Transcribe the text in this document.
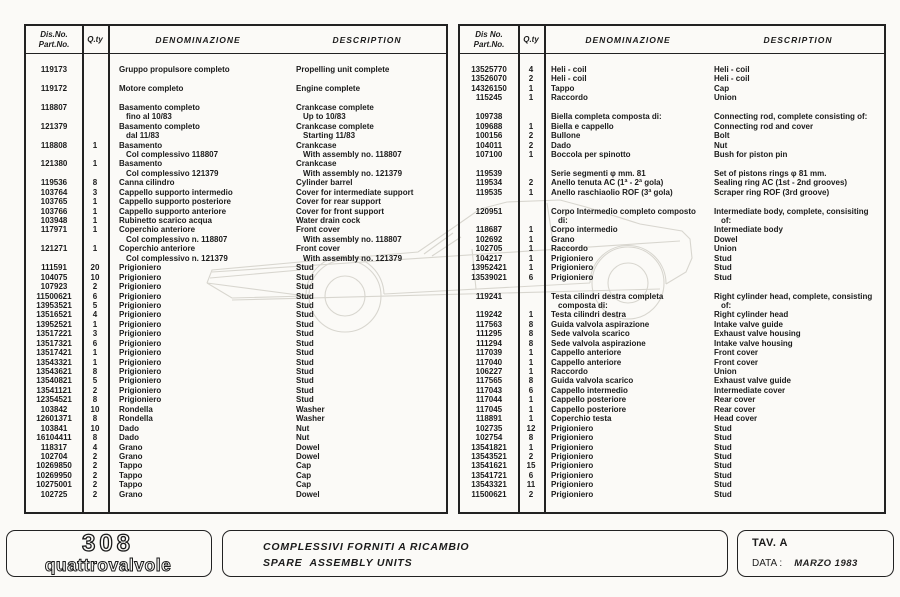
Dis.No.
Part.No.	Q.ty	DENOMINAZIONE	DESCRIPTION
119173	Gruppo propulsore completo	Propelling unit complete
119172	Motore completo	Engine complete
118807	Basamento completo	Crankcase complete
fino al 10/83	Up to 10/83
121379	Basamento completo	Crankcase complete
dal 11/83	Starting 11/83
118808	1	Basamento	Crankcase
Col complessivo 118807	With assembly no. 118807
121380	1	Basamento	Crankcase
Col complessivo 121379	With assembly no. 121379
119536	8	Canna cilindro	Cylinder barrel
103764	3	Cappello supporto intermedio	Cover for intermediate support
103765	1	Cappello supporto posteriore	Cover for rear support
103766	1	Cappello supporto anteriore	Cover for front support
103948	1	Rubinetto scarico acqua	Water drain cock
117971	1	Coperchio anteriore	Front cover
Col complessivo n. 118807	With assembly no. 118807
121271	1	Coperchio anteriore	Front cover
Col complessivo n. 121379	With assembly no. 121379
111591	20	Prigioniero	Stud
104075	10	Prigioniero	Stud
107923	2	Prigioniero	Stud
11500621	6	Prigioniero	Stud
13953521	5	Prigioniero	Stud
13516521	4	Prigioniero	Stud
13952521	1	Prigioniero	Stud
13517221	3	Prigioniero	Stud
13517321	6	Prigioniero	Stud
13517421	1	Prigioniero	Stud
13543321	1	Prigioniero	Stud
13543621	8	Prigioniero	Stud
13540821	5	Prigioniero	Stud
13541121	2	Prigioniero	Stud
12354521	8	Prigioniero	Stud
103842	10	Rondella	Washer
12601371	8	Rondella	Washer
103841	10	Dado	Nut
16104411	8	Dado	Nut
118317	4	Grano	Dowel
102704	2	Grano	Dowel
10269850	2	Tappo	Cap
10269950	2	Tappo	Cap
10275001	2	Tappo	Cap
102725	2	Grano	Dowel
Dis No.
Part.No.	Q.ty	DENOMINAZIONE	DESCRIPTION
13525770	4	Heli - coil	Heli - coil
13526070	2	Heli - coil	Heli - coil
14326150	1	Tappo	Cap
115245	1	Raccordo	Union
109738	Biella completa composta di:	Connecting rod, complete consisting of:
109688	1	Biella e cappello	Connecting rod and cover
100156	2	Bullone	Bolt
104011	2	Dado	Nut
107100	1	Boccola per spinotto	Bush for piston pin
119539	Serie segmenti φ mm. 81	Set of pistons rings φ 81 mm.
119534	2	Anello tenuta AC (1ª - 2ª gola)	Sealing ring AC (1st - 2nd grooves)
119535	1	Anello raschiaolio ROF (3ª gola)	Scraper ring ROF (3rd groove)
120951	Corpo Intermedio completo composto	Intermediate body, complete, consisiting
di:	of:
118687	1	Corpo intermedio	Intermediate body
102692	1	Grano	Dowel
102705	1	Raccordo	Union
104217	1	Prigioniero	Stud
13952421	1	Prigioniero	Stud
13539021	6	Prigioniero	Stud
119241	Testa cilindri destra completa	Right cylinder head, complete, consisting
composta di:	of:
119242	1	Testa cilindri destra	Right cylinder head
117563	8	Guida valvola aspirazione	Intake valve guide
111295	8	Sede valvola scarico	Exhaust valve housing
111294	8	Sede valvola aspirazione	Intake valve housing
117039	1	Cappello anteriore	Front cover
117040	1	Cappello anteriore	Front cover
106227	1	Raccordo	Union
117565	8	Guida valvola scarico	Exhaust valve guide
117043	6	Cappello intermedio	Intermediate cover
117044	1	Cappello posteriore	Rear cover
117045	1	Cappello posteriore	Rear cover
118891	1	Coperchio testa	Head cover
102735	12	Prigioniero	Stud
102754	8	Prigioniero	Stud
13541821	1	Prigioniero	Stud
13543521	2	Prigioniero	Stud
13541621	15	Prigioniero	Stud
13541721	6	Prigioniero	Stud
13543321	11	Prigioniero	Stud
11500621	2	Prigioniero	Stud
308
quattrovalvole
COMPLESSIVI FORNITI A RICAMBIO
SPARE  ASSEMBLY UNITS
TAV. A
DATA : MARZO 1983
